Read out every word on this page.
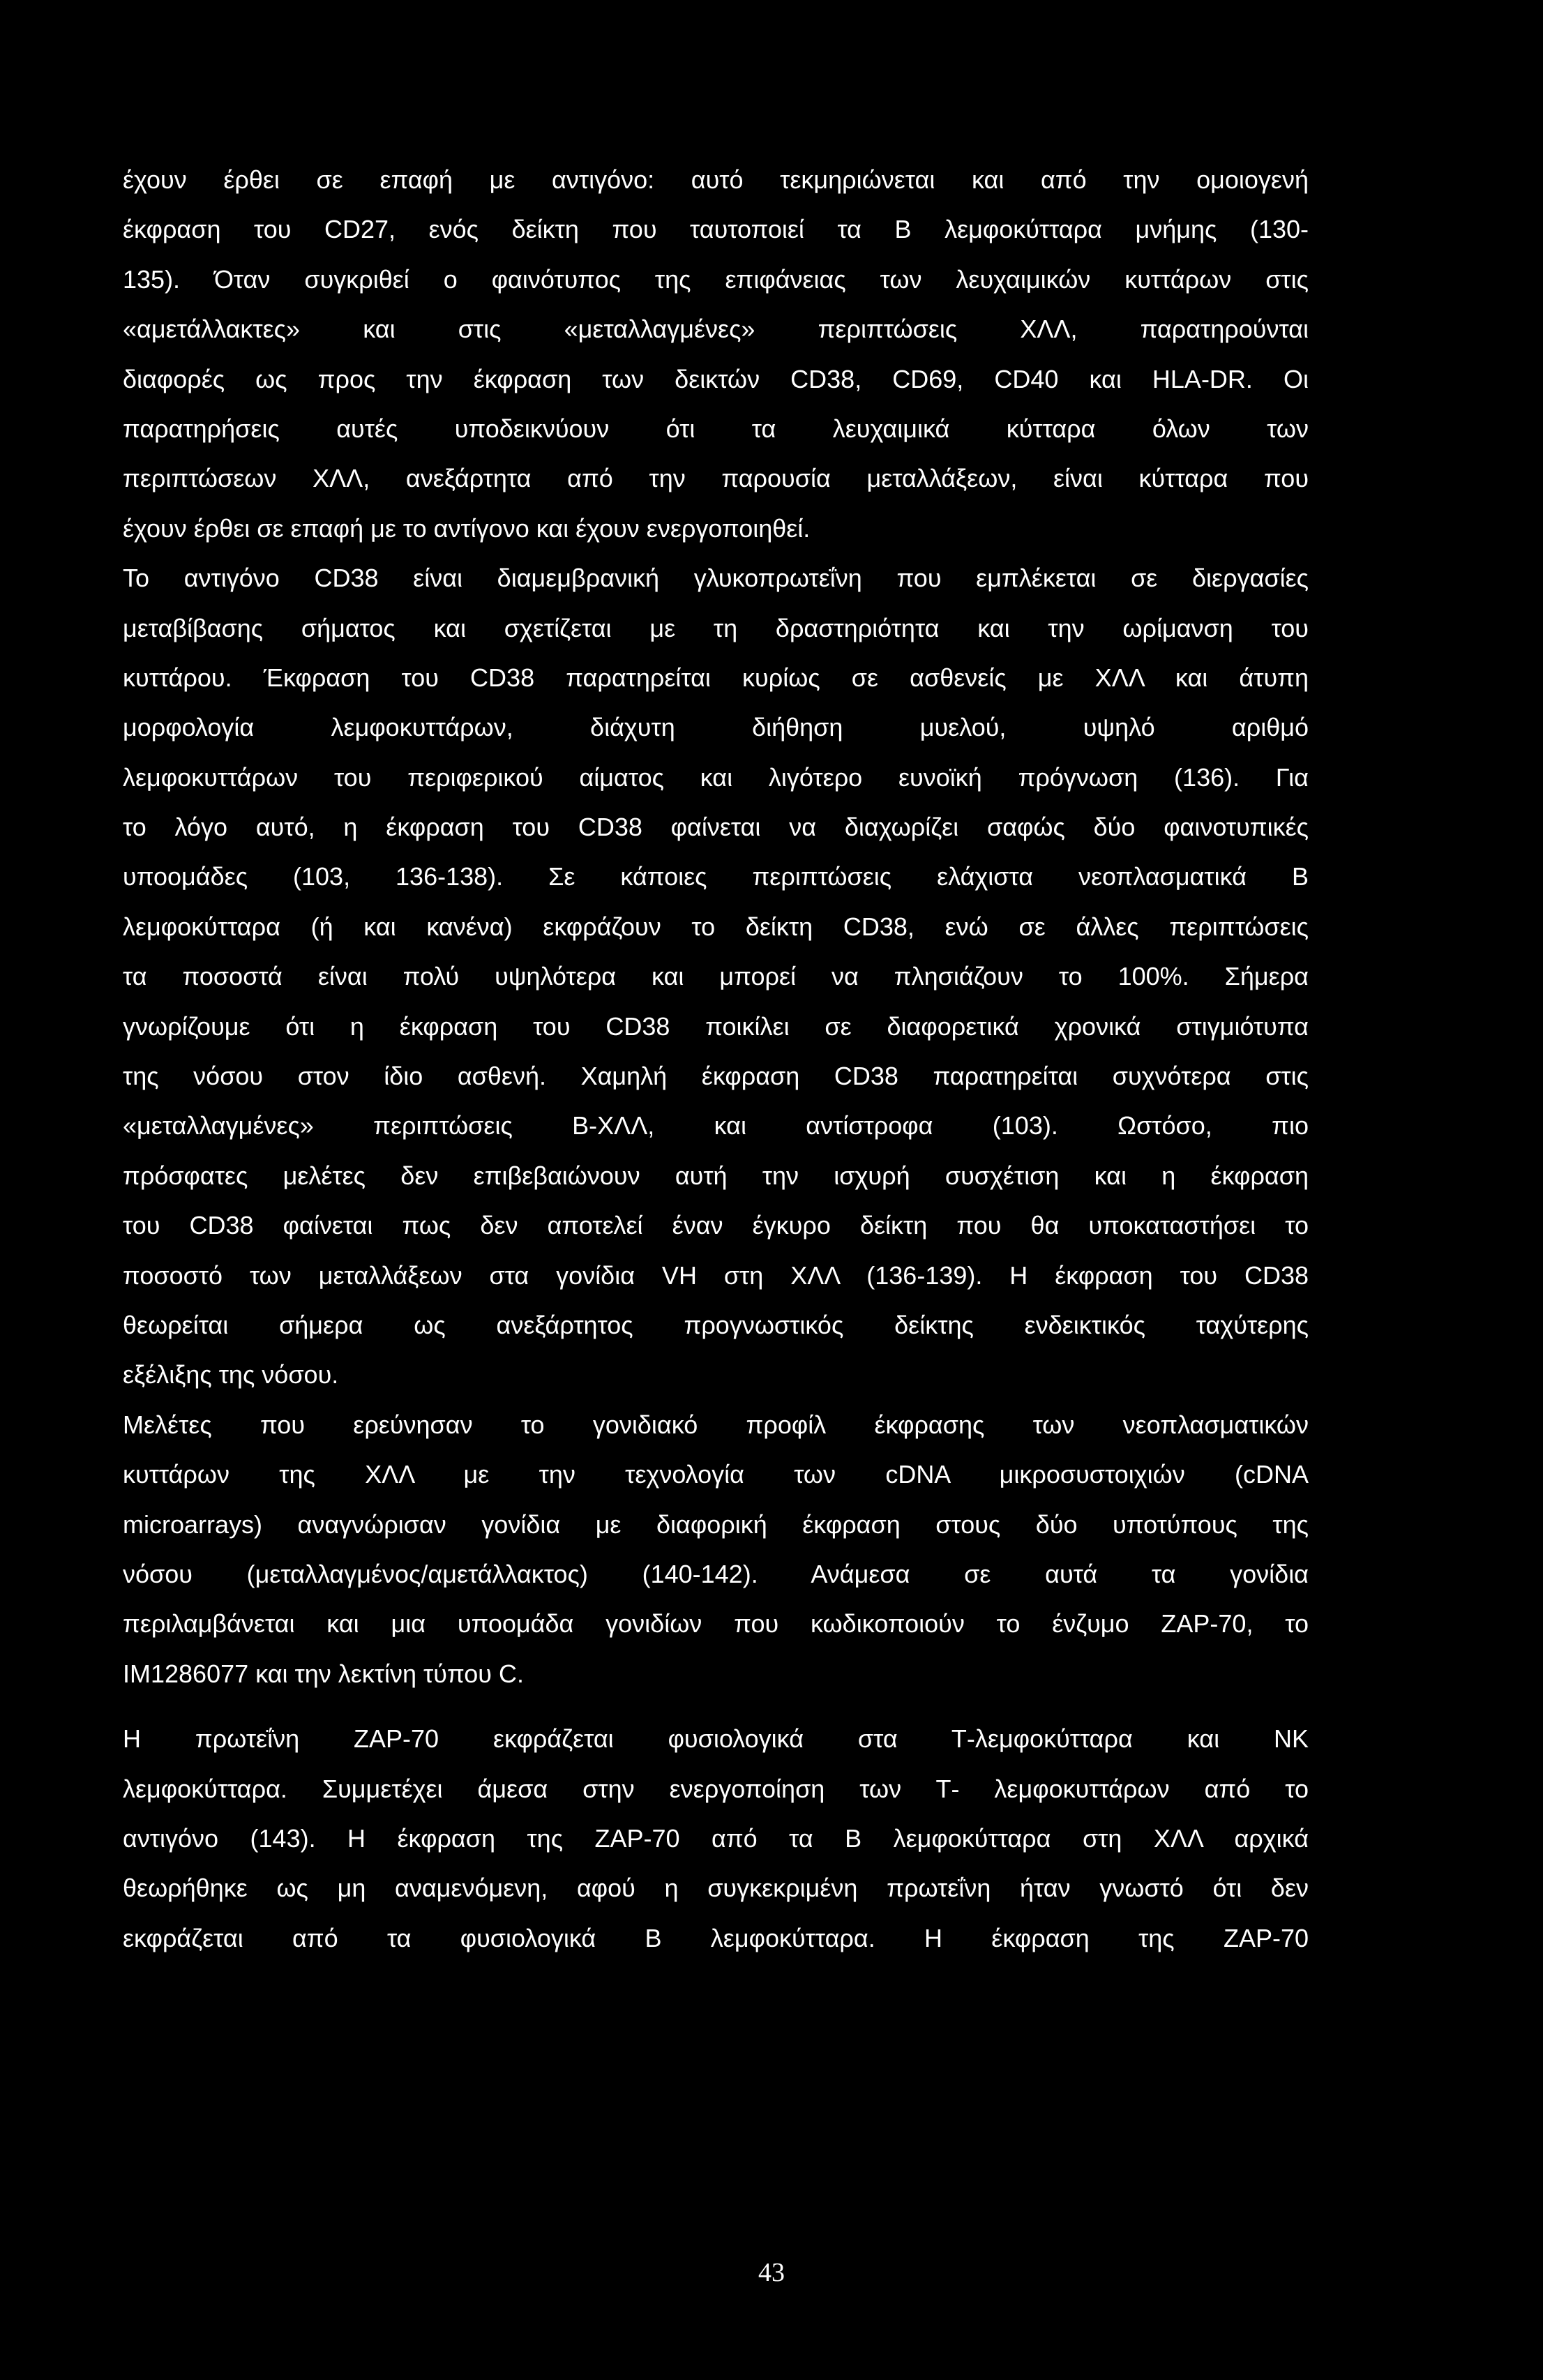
έχουν έρθει σε επαφή με αντιγόνο: αυτό τεκμηριώνεται και από την ομοιογενή
έκφραση του CD27, ενός δείκτη που ταυτοποιεί τα Β λεμφοκύτταρα μνήμης (130-
135). Όταν συγκριθεί ο φαινότυπος της επιφάνειας των λευχαιμικών κυττάρων στις
«αμετάλλακτες» και στις «μεταλλαγμένες» περιπτώσεις ΧΛΛ, παρατηρούνται
διαφορές ως προς την έκφραση των δεικτών CD38, CD69, CD40 και HLA-DR. Οι
παρατηρήσεις αυτές υποδεικνύουν ότι τα λευχαιμικά κύτταρα όλων των
περιπτώσεων ΧΛΛ, ανεξάρτητα από την παρουσία μεταλλάξεων, είναι κύτταρα που
έχουν έρθει σε επαφή με το αντίγονο και έχουν ενεργοποιηθεί.
Το αντιγόνο CD38 είναι διαμεμβρανική γλυκοπρωτεΐνη που εμπλέκεται σε διεργασίες
μεταβίβασης σήματος και σχετίζεται με τη δραστηριότητα και την ωρίμανση του
κυττάρου. Έκφραση του CD38 παρατηρείται κυρίως σε ασθενείς με ΧΛΛ και άτυπη
μορφολογία λεμφοκυττάρων, διάχυτη διήθηση μυελού, υψηλό αριθμό
λεμφοκυττάρων του περιφερικού αίματος και λιγότερο ευνοϊκή πρόγνωση (136). Για
το λόγο αυτό, η έκφραση του CD38 φαίνεται να διαχωρίζει σαφώς δύο φαινοτυπικές
υποομάδες (103, 136-138). Σε κάποιες περιπτώσεις ελάχιστα νεοπλασματικά Β
λεμφοκύτταρα (ή και κανένα) εκφράζουν το δείκτη CD38, ενώ σε άλλες περιπτώσεις
τα ποσοστά είναι πολύ υψηλότερα και μπορεί να πλησιάζουν το 100%. Σήμερα
γνωρίζουμε ότι η έκφραση του CD38 ποικίλει σε διαφορετικά χρονικά στιγμιότυπα
της νόσου στον ίδιο ασθενή. Χαμηλή έκφραση CD38 παρατηρείται συχνότερα στις
«μεταλλαγμένες» περιπτώσεις Β-ΧΛΛ, και αντίστροφα (103). Ωστόσο, πιο
πρόσφατες μελέτες δεν επιβεβαιώνουν αυτή την ισχυρή συσχέτιση και η έκφραση
του CD38 φαίνεται πως δεν αποτελεί έναν έγκυρο δείκτη που θα υποκαταστήσει το
ποσοστό των μεταλλάξεων στα γονίδια VH στη ΧΛΛ (136-139). Η έκφραση του CD38
θεωρείται σήμερα ως ανεξάρτητος προγνωστικός δείκτης ενδεικτικός ταχύτερης
εξέλιξης της νόσου.
Μελέτες που ερεύνησαν το γονιδιακό προφίλ έκφρασης των νεοπλασματικών
κυττάρων της ΧΛΛ με την τεχνολογία των cDNA μικροσυστοιχιών (cDNA
microarrays) αναγνώρισαν γονίδια με διαφορική έκφραση στους δύο υποτύπους της
νόσου (μεταλλαγμένος/αμετάλλακτος) (140-142). Ανάμεσα σε αυτά τα γονίδια
περιλαμβάνεται και μια υποομάδα γονιδίων που κωδικοποιούν το ένζυμο ZAP-70, το
IM1286077 και την λεκτίνη τύπου C.
Η πρωτεΐνη ZAP-70 εκφράζεται φυσιολογικά στα Τ-λεμφοκύτταρα και ΝΚ
λεμφοκύτταρα. Συμμετέχει άμεσα στην ενεργοποίηση των Τ- λεμφοκυττάρων από το
αντιγόνο (143). Η έκφραση της ZAP-70 από τα Β λεμφοκύτταρα στη ΧΛΛ αρχικά
θεωρήθηκε ως μη αναμενόμενη, αφού η συγκεκριμένη πρωτεΐνη ήταν γνωστό ότι δεν
εκφράζεται από τα φυσιολογικά Β λεμφοκύτταρα. Η έκφραση της ZAP-70
43
